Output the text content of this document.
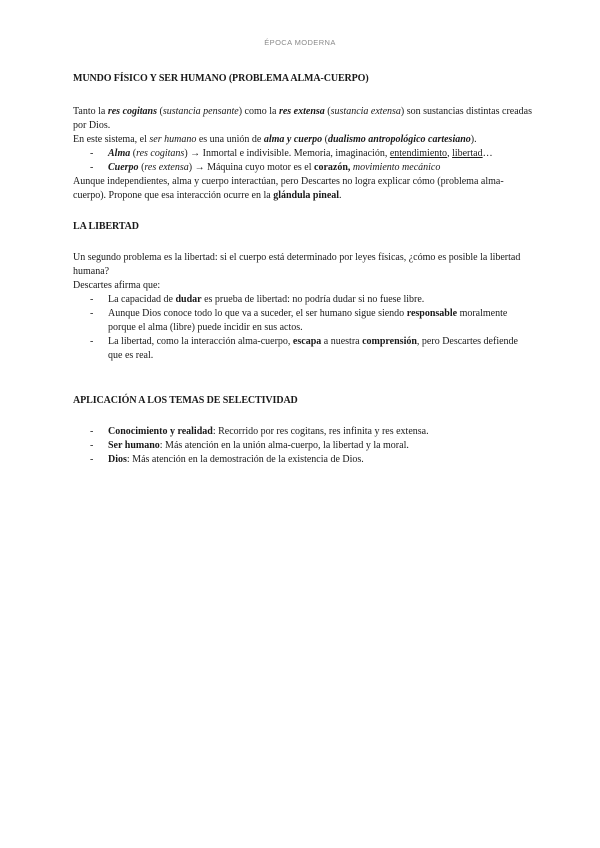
ÉPOCA MODERNA
MUNDO FÍSICO Y SER HUMANO (PROBLEMA ALMA-CUERPO)

Tanto la res cogitans (sustancia pensante) como la res extensa (sustancia extensa) son sustancias distintas creadas por Dios.

En este sistema, el ser humano es una unión de alma y cuerpo (dualismo antropológico cartesiano).

- Alma (res cogitans) → Inmortal e indivisible. Memoria, imaginación, entendimiento, libertad…
- Cuerpo (res extensa) → Máquina cuyo motor es el corazón, movimiento mecánico

Aunque independientes, alma y cuerpo interactúan, pero Descartes no logra explicar cómo (problema alma-cuerpo). Propone que esa interacción ocurre en la glándula pineal.

LA LIBERTAD

Un segundo problema es la libertad: si el cuerpo está determinado por leyes físicas, ¿cómo es posible la libertad humana?

Descartes afirma que:

- La capacidad de dudar es prueba de libertad: no podría dudar si no fuese libre.
- Aunque Dios conoce todo lo que va a suceder, el ser humano sigue siendo responsable moralmente porque el alma (libre) puede incidir en sus actos.
- La libertad, como la interacción alma-cuerpo, escapa a nuestra comprensión, pero Descartes defiende que es real.
APLICACIÓN A LOS TEMAS DE SELECTIVIDAD
- Conocimiento y realidad: Recorrido por res cogitans, res infinita y res extensa.
- Ser humano: Más atención en la unión alma-cuerpo, la libertad y la moral.
- Dios: Más atención en la demostración de la existencia de Dios.
